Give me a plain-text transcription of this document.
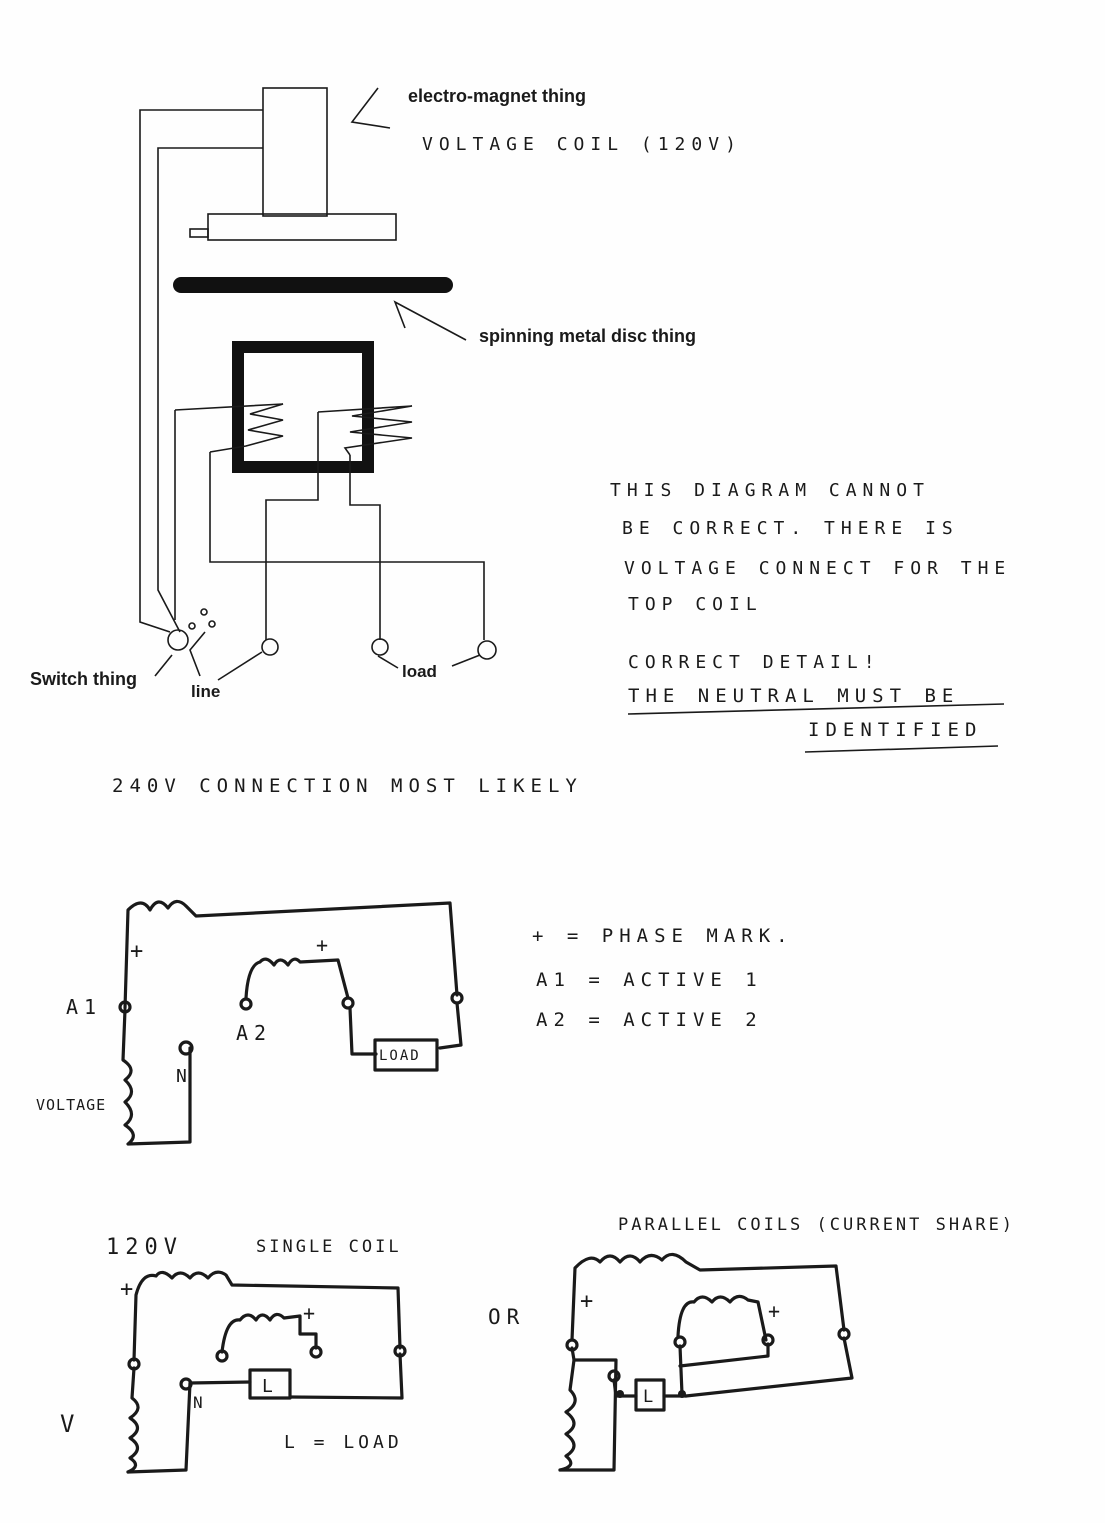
electro-magnet thing
VOLTAGE COIL (120V)
spinning metal disc thing
Switch thing
line
load
THIS DIAGRAM CANNOT
BE CORRECT. THERE IS
VOLTAGE CONNECT FOR THE
TOP COIL
CORRECT DETAIL!
THE NEUTRAL MUST BE
IDENTIFIED
240V CONNECTION MOST LIKELY
+	+
A1
A2
N
VOLTAGE
LOAD
+ = PHASE MARK.
A1 = ACTIVE 1
A2 = ACTIVE 2
120V	SINGLE COIL
+
+
V
N
L
L = LOAD
OR
PARALLEL COILS (CURRENT SHARE)
+	+
L
